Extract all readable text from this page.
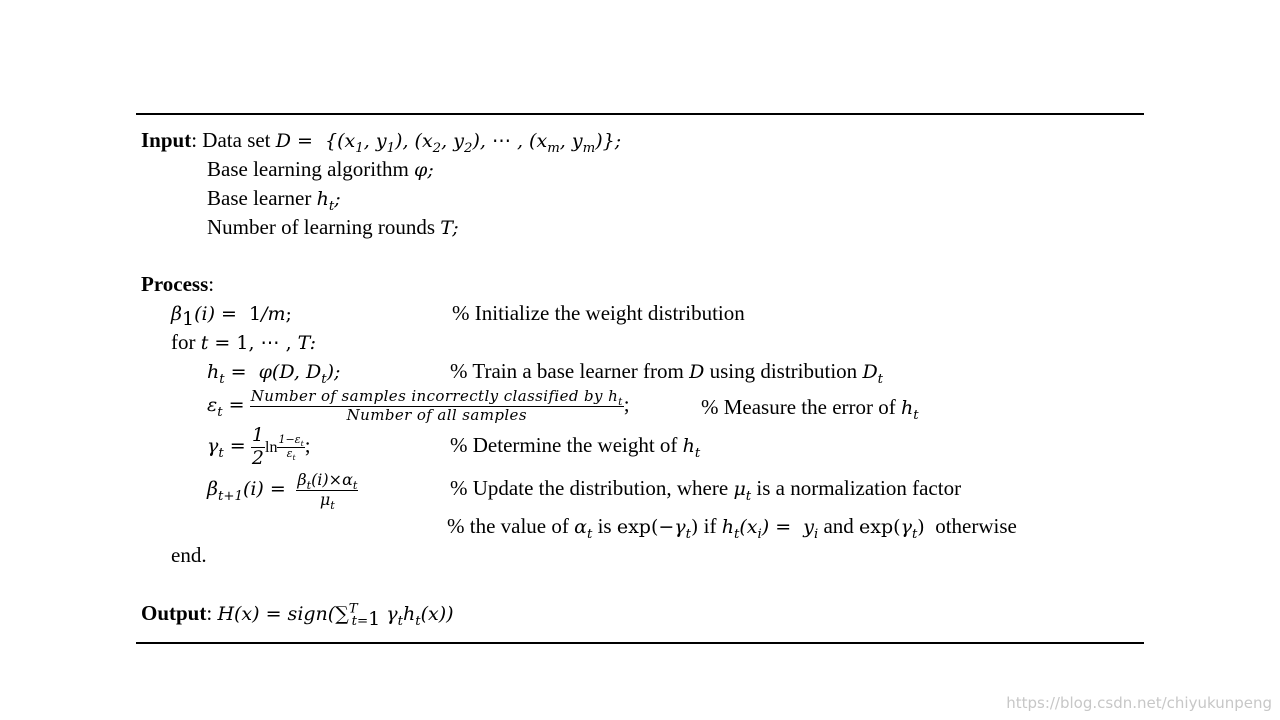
Input: Data set $D = \{(x_1$, $y_1$), ($x_2$, $y_2$), ⋯ , ($x_m$, $y_m$)};
Base learning algorithm φ;
Base learner $h_t$;
Number of learning rounds T;
Process:
$\beta_1(i) = 1/m$;	% Initialize the weight distribution
for t = 1, ⋯ , T:
$h_t = \varphi(D$, $D_t$);	% Train a base learner from D using distribution $D_t$
$\varepsilon_t = \frac{Number of samples incorrectly classified by h_t}{\text{Number of all samples}}$ ;	% Measure the error of $h_t$
$\gamma_t = \frac{1}{2}$ $\ln \frac{1-\varepsilon_t}{\varepsilon_t}$ ;	% Determine the weight of $h_t$
$\beta_{t+1}(i) = \frac{\beta_t(i)\times\alpha_t}{\mu_t}$	% Update the distribution, where $\mu_t$ is a normalization factor
% the value of $\alpha_t$ is $\exp(-\gamma_t)$ if $h_t(x_i) = y_i$ and $\exp(\gamma_t)$ otherwise
end.
Output: H(x) = sign(∑$^T_{t=1}$ $\gamma_th_t(x)$)
https://blog.csdn.net/chiyukunpeng
